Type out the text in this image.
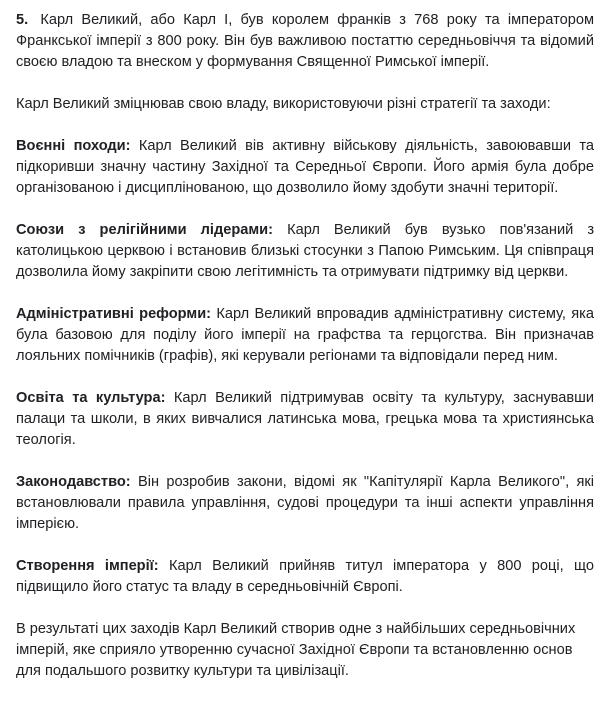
5. Карл Великий, або Карл I, був королем франків з 768 року та імператором Франкської імперії з 800 року. Він був важливою постаттю середньовіччя та відомий своєю владою та внеском у формування Священної Римської імперії.

Карл Великий зміцнював свою владу, використовуючи різні стратегії та заходи:

Воєнні походи: Карл Великий вів активну військову діяльність, завоювавши та підкоривши значну частину Західної та Середньої Європи. Його армія була добре організованою і дисциплінованою, що дозволило йому здобути значні території.

Союзи з релігійними лідерами: Карл Великий був вузько пов'язаний з католицькою церквою і встановив близькі стосунки з Папою Римським. Ця співпраця дозволила йому закріпити свою легітимність та отримувати підтримку від церкви.

Адміністративні реформи: Карл Великий впровадив адміністративну систему, яка була базовою для поділу його імперії на графства та герцогства. Він призначав лояльних помічників (графів), які керували регіонами та відповідали перед ним.

Освіта та культура: Карл Великий підтримував освіту та культуру, заснувавши палаци та школи, в яких вивчалися латинська мова, грецька мова та християнська теологія.

Законодавство: Він розробив закони, відомі як "Капітулярії Карла Великого", які встановлювали правила управління, судові процедури та інші аспекти управління імперією.

Створення імперії: Карл Великий прийняв титул імператора у 800 році, що підвищило його статус та владу в середньовічній Європі.

В результаті цих заходів Карл Великий створив одне з найбільших середньовічних імперій, яке сприяло утворенню сучасної Західної Європи та встановленню основ для подальшого розвитку культури та цивілізації.
